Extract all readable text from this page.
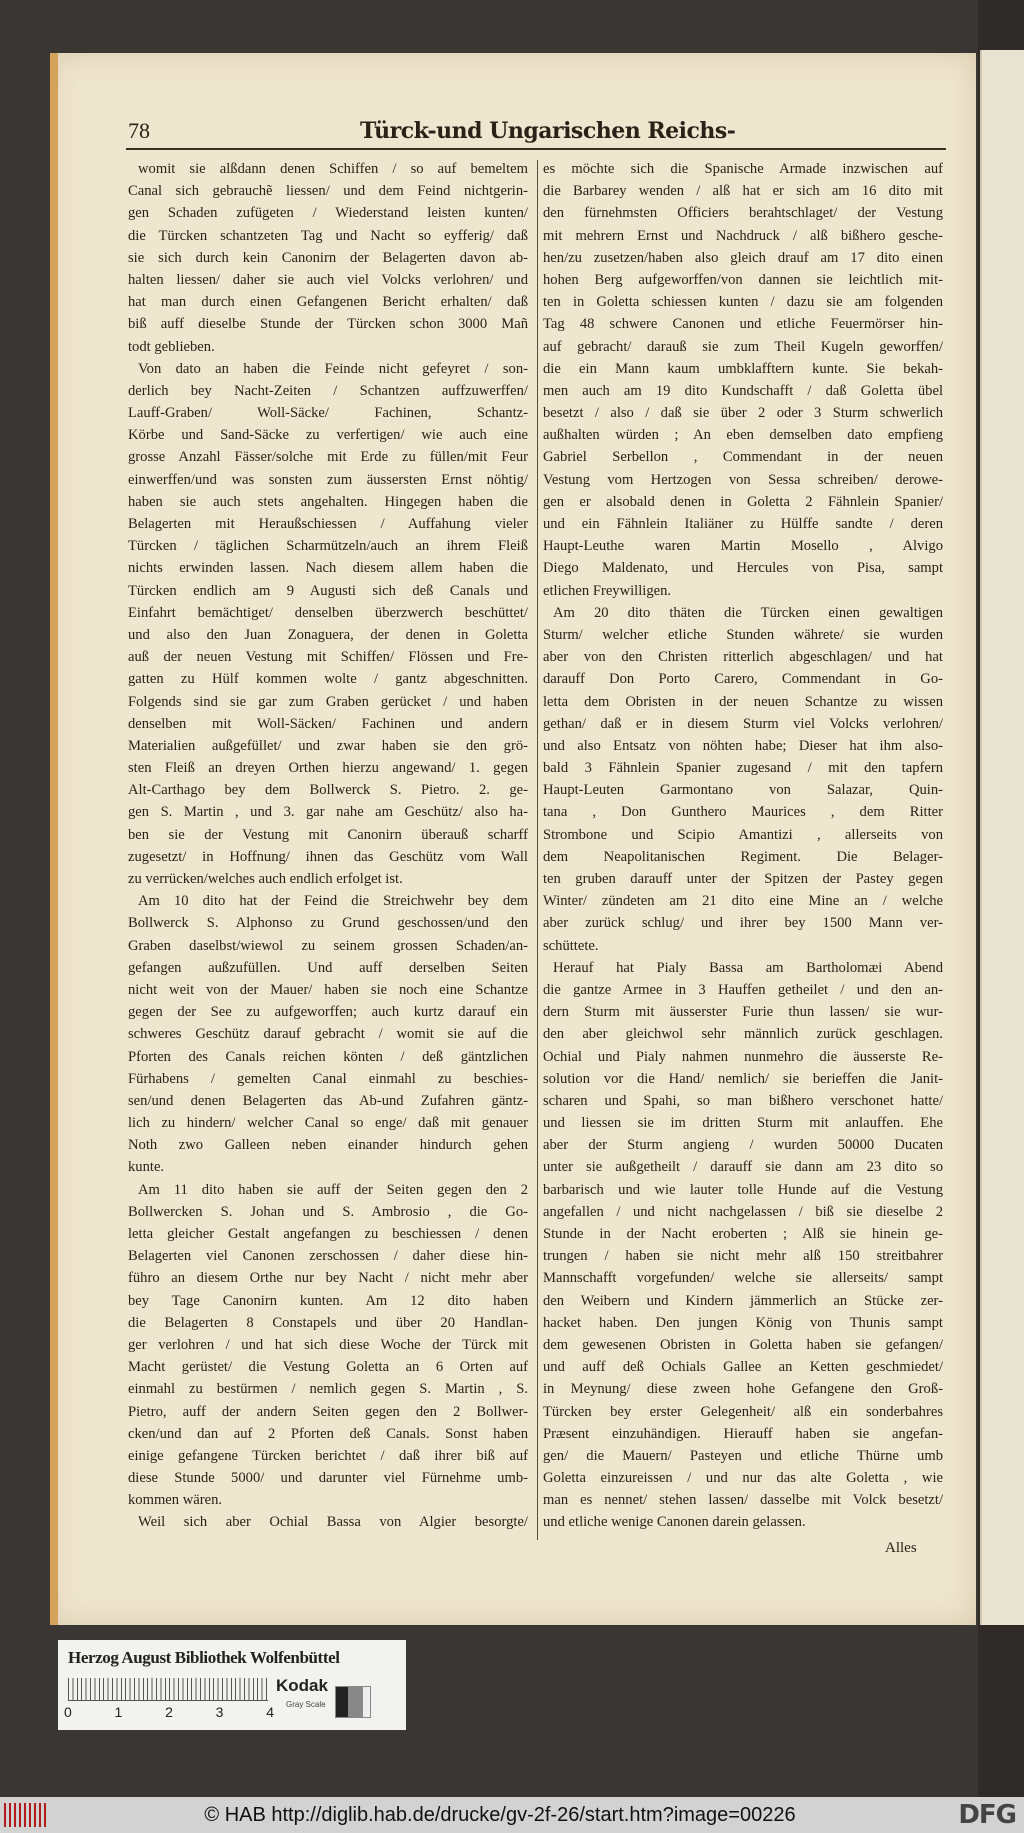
78	Türck-und Ungarischen Reichs-
womit sie alßdann denen Schiffen / so auf bemeltem
Canal sich gebrauchẽ liessen/ und dem Feind nichtgerin-
gen Schaden zufügeten / Wiederstand leisten kunten/
die Türcken schantzeten Tag und Nacht so eyfferig/ daß
sie sich durch kein Canonirn der Belagerten davon ab-
halten liessen/ daher sie auch viel Volcks verlohren/ und
hat man durch einen Gefangenen Bericht erhalten/ daß
biß auff dieselbe Stunde der Türcken schon 3000 Mañ
todt geblieben.
Von dato an haben die Feinde nicht gefeyret / son-
derlich bey Nacht-Zeiten / Schantzen auffzuwerffen/
Lauff-Graben/ Woll-Säcke/ Fachinen, Schantz-
Körbe und Sand-Säcke zu verfertigen/ wie auch eine
grosse Anzahl Fässer/solche mit Erde zu füllen/mit Feur
einwerffen/und was sonsten zum äussersten Ernst nöhtig/
haben sie auch stets angehalten. Hingegen haben die
Belagerten mit Heraußschiessen / Auffahung vieler
Türcken / täglichen Scharmützeln/auch an ihrem Fleiß
nichts erwinden lassen. Nach diesem allem haben die
Türcken endlich am 9 Augusti sich deß Canals und
Einfahrt bemächtiget/ denselben überzwerch beschüttet/
und also den Juan Zonaguera, der denen in Goletta
auß der neuen Vestung mit Schiffen/ Flössen und Fre-
gatten zu Hülf kommen wolte / gantz abgeschnitten.
Folgends sind sie gar zum Graben gerücket / und haben
denselben mit Woll-Säcken/ Fachinen und andern
Materialien außgefüllet/ und zwar haben sie den grö-
sten Fleiß an dreyen Orthen hierzu angewand/ 1. gegen
Alt-Carthago bey dem Bollwerck S. Pietro. 2. ge-
gen S. Martin , und 3. gar nahe am Geschütz/ also ha-
ben sie der Vestung mit Canonirn überauß scharff
zugesetzt/ in Hoffnung/ ihnen das Geschütz vom Wall
zu verrücken/welches auch endlich erfolget ist.
Am 10 dito hat der Feind die Streichwehr bey dem
Bollwerck S. Alphonso zu Grund geschossen/und den
Graben daselbst/wiewol zu seinem grossen Schaden/an-
gefangen außzufüllen. Und auff derselben Seiten
nicht weit von der Mauer/ haben sie noch eine Schantze
gegen der See zu aufgeworffen; auch kurtz darauf ein
schweres Geschütz darauf gebracht / womit sie auf die
Pforten des Canals reichen könten / deß gäntzlichen
Fürhabens / gemelten Canal einmahl zu beschies-
sen/und denen Belagerten das Ab-und Zufahren gäntz-
lich zu hindern/ welcher Canal so enge/ daß mit genauer
Noth zwo Galleen neben einander hindurch gehen
kunte.
Am 11 dito haben sie auff der Seiten gegen den 2
Bollwercken S. Johan und S. Ambrosio , die Go-
letta gleicher Gestalt angefangen zu beschiessen / denen
Belagerten viel Canonen zerschossen / daher diese hin-
führo an diesem Orthe nur bey Nacht / nicht mehr aber
bey Tage Canonirn kunten. Am 12 dito haben
die Belagerten 8 Constapels und über 20 Handlan-
ger verlohren / und hat sich diese Woche der Türck mit
Macht gerüstet/ die Vestung Goletta an 6 Orten auf
einmahl zu bestürmen / nemlich gegen S. Martin , S.
Pietro, auff der andern Seiten gegen den 2 Bollwer-
cken/und dan auf 2 Pforten deß Canals. Sonst haben
einige gefangene Türcken berichtet / daß ihrer biß auf
diese Stunde 5000/ und darunter viel Fürnehme umb-
kommen wären.
Weil sich aber Ochial Bassa von Algier besorgte/
es möchte sich die Spanische Armade inzwischen auf
die Barbarey wenden / alß hat er sich am 16 dito mit
den fürnehmsten Officiers berahtschlaget/ der Vestung
mit mehrern Ernst und Nachdruck / alß bißhero gesche-
hen/zu zusetzen/haben also gleich drauf am 17 dito einen
hohen Berg aufgeworffen/von dannen sie leichtlich mit-
ten in Goletta schiessen kunten / dazu sie am folgenden
Tag 48 schwere Canonen und etliche Feuermörser hin-
auf gebracht/ darauß sie zum Theil Kugeln geworffen/
die ein Mann kaum umbklafftern kunte. Sie bekah-
men auch am 19 dito Kundschafft / daß Goletta übel
besetzt / also / daß sie über 2 oder 3 Sturm schwerlich
außhalten würden ; An eben demselben dato empfieng
Gabriel Serbellon , Commendant in der neuen
Vestung vom Hertzogen von Sessa schreiben/ derowe-
gen er alsobald denen in Goletta 2 Fähnlein Spanier/
und ein Fähnlein Italiäner zu Hülffe sandte / deren
Haupt-Leuthe waren Martin Mosello , Alvigo
Diego Maldenato, und Hercules von Pisa, sampt
etlichen Freywilligen.
Am 20 dito thäten die Türcken einen gewaltigen
Sturm/ welcher etliche Stunden währete/ sie wurden
aber von den Christen ritterlich abgeschlagen/ und hat
darauff Don Porto Carero, Commendant in Go-
letta dem Obristen in der neuen Schantze zu wissen
gethan/ daß er in diesem Sturm viel Volcks verlohren/
und also Entsatz von nöhten habe; Dieser hat ihm also-
bald 3 Fähnlein Spanier zugesand / mit den tapfern
Haupt-Leuten Garmontano von Salazar, Quin-
tana , Don Gunthero Maurices , dem Ritter
Strombone und Scipio Amantizi , allerseits von
dem Neapolitanischen Regiment. Die Belager-
ten gruben darauff unter der Spitzen der Pastey gegen
Winter/ zündeten am 21 dito eine Mine an / welche
aber zurück schlug/ und ihrer bey 1500 Mann ver-
schüttete.
Herauf hat Pialy Bassa am Bartholomæi Abend
die gantze Armee in 3 Hauffen getheilet / und den an-
dern Sturm mit äusserster Furie thun lassen/ sie wur-
den aber gleichwol sehr männlich zurück geschlagen.
Ochial und Pialy nahmen nunmehro die äusserste Re-
solution vor die Hand/ nemlich/ sie berieffen die Janit-
scharen und Spahi, so man bißhero verschonet hatte/
und liessen sie im dritten Sturm mit anlauffen. Ehe
aber der Sturm angieng / wurden 50000 Ducaten
unter sie außgetheilt / darauff sie dann am 23 dito so
barbarisch und wie lauter tolle Hunde auf die Vestung
angefallen / und nicht nachgelassen / biß sie dieselbe 2
Stunde in der Nacht eroberten ; Alß sie hinein ge-
trungen / haben sie nicht mehr alß 150 streitbahrer
Mannschafft vorgefunden/ welche sie allerseits/ sampt
den Weibern und Kindern jämmerlich an Stücke zer-
hacket haben. Den jungen König von Thunis sampt
dem gewesenen Obristen in Goletta haben sie gefangen/
und auff deß Ochials Gallee an Ketten geschmiedet/
in Meynung/ diese zween hohe Gefangene den Groß-
Türcken bey erster Gelegenheit/ alß ein sonderbahres
Præsent einzuhändigen. Hierauff haben sie angefan-
gen/ die Mauern/ Pasteyen und etliche Thürne umb
Goletta einzureissen / und nur das alte Goletta , wie
man es nennet/ stehen lassen/ dasselbe mit Volck besetzt/
und etliche wenige Canonen darein gelassen.
Alles
Herzog August Bibliothek Wolfenbüttel
0	1	2	3	4
Kodak
Gray Scale
© HAB http://diglib.hab.de/drucke/gv-2f-26/start.htm?image=00226	DFG
